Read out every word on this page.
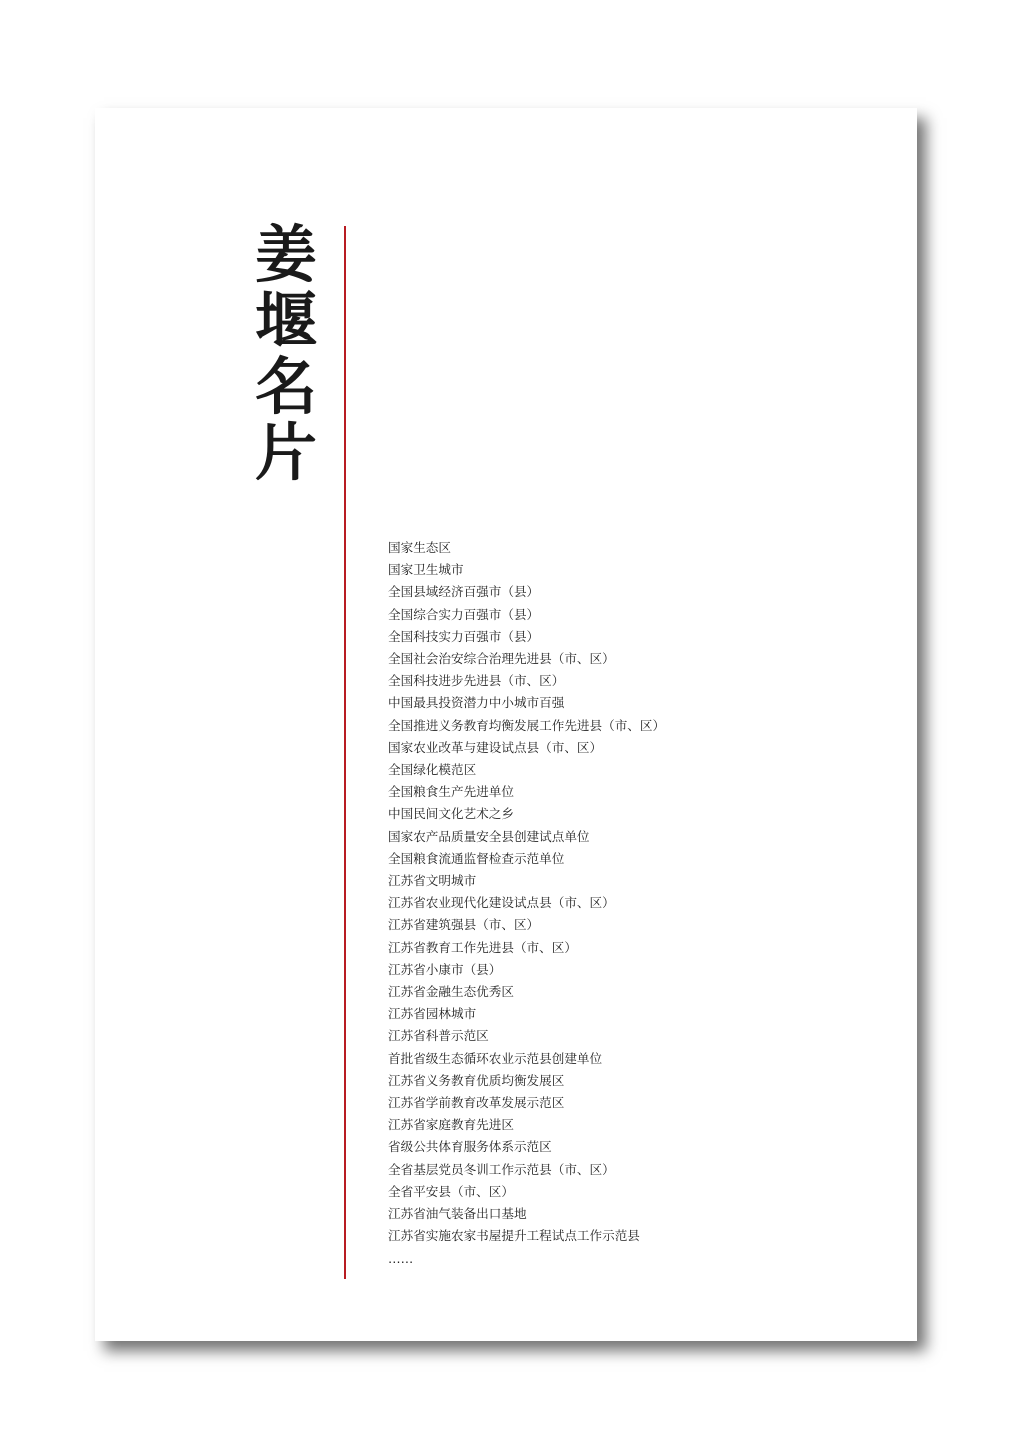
姜
堰
名
片
国家生态区
国家卫生城市
全国县域经济百强市（县）
全国综合实力百强市（县）
全国科技实力百强市（县）
全国社会治安综合治理先进县（市、区）
全国科技进步先进县（市、区）
中国最具投资潜力中小城市百强
全国推进义务教育均衡发展工作先进县（市、区）
国家农业改革与建设试点县（市、区）
全国绿化模范区
全国粮食生产先进单位
中国民间文化艺术之乡
国家农产品质量安全县创建试点单位
全国粮食流通监督检查示范单位
江苏省文明城市
江苏省农业现代化建设试点县（市、区）
江苏省建筑强县（市、区）
江苏省教育工作先进县（市、区）
江苏省小康市（县）
江苏省金融生态优秀区
江苏省园林城市
江苏省科普示范区
首批省级生态循环农业示范县创建单位
江苏省义务教育优质均衡发展区
江苏省学前教育改革发展示范区
江苏省家庭教育先进区
省级公共体育服务体系示范区
全省基层党员冬训工作示范县（市、区）
全省平安县（市、区）
江苏省油气装备出口基地
江苏省实施农家书屋提升工程试点工作示范县
……
